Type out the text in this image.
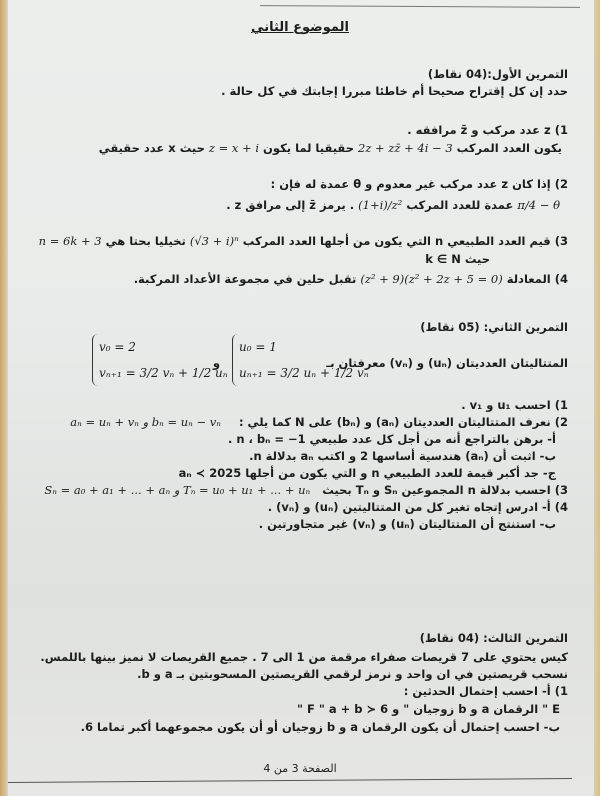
الموضوع الثاني
التمرين الأول:(04 نقاط)
حدد إن كل إقتراح صحيحا أم خاطئا مبررا إجابتك في كل حالة .
1) z عدد مركب و z̄ مرافقه .
يكون العدد المركب 2z + zz̄ + 4i − 3 حقيقيا لما يكون z = x + i حيث x عدد حقيقي
2) إذا كان z عدد مركب غير معدوم و θ عمدة له فإن :
π/4 − θ عمدة للعدد المركب (1+i)/z² . يرمز z̄ إلى مرافق z .
3) قيم العدد الطبيعي n التي يكون من أجلها العدد المركب (√3 + i)ⁿ تخيليا بحتا هي n = 6k + 3
حيث k ∈ N
4) المعادلة (z² + 9)(z² + 2z + 5 = 0) تقبل حلين في مجموعة الأعداد المركبة.
التمرين الثاني: (05 نقاط)
المتتاليتان العدديتان (uₙ) و (vₙ) معرفتان بـ
u₀ = 1
uₙ₊₁ = 3/2 uₙ + 1/2 vₙ
و
v₀ = 2
vₙ₊₁ = 3/2 vₙ + 1/2 uₙ
1) احسب u₁ و v₁ .
2) نعرف المتتاليتان العدديتان (aₙ) و (bₙ) على N كما يلي : aₙ = uₙ + vₙ و bₙ = uₙ − vₙ
أ- برهن بالتراجع أنه من أجل كل عدد طبيعي n ، bₙ = −1 .
ب- اثبت أن (aₙ) هندسية أساسها 2 و اكتب aₙ بدلالة n.
ج- جد أكبر قيمة للعدد الطبيعي n و التي يكون من أجلها aₙ ≺ 2025
3) احسب بدلالة n المجموعين Sₙ و Tₙ بحيث Sₙ = a₀ + a₁ + ... + aₙ و Tₙ = u₀ + u₁ + ... + uₙ
4) أ- ادرس إتجاه تغير كل من المتتاليتين (uₙ) و (vₙ) .
ب- استنتج أن المتتاليتان (uₙ) و (vₙ) غير متجاورتين .
التمرين الثالث: (04 نقاط)
كيس يحتوي على 7 قريصات صفراء مرقمة من 1 الى 7 . جميع القريصات لا نميز بينها باللمس.
نسحب قريصتين في ان واحد و نرمز لرقمي القريصتين المسحوبتين بـ a و b.
1) أ- احسب إحتمال الحدثين :
E " الرقمان a و b زوجيان " و F " a + b ≻ 6 "
ب- احسب إحتمال أن يكون الرقمان a و b زوجيان أو أن يكون مجموعهما أكبر تماما 6.
الصفحة 3 من 4
